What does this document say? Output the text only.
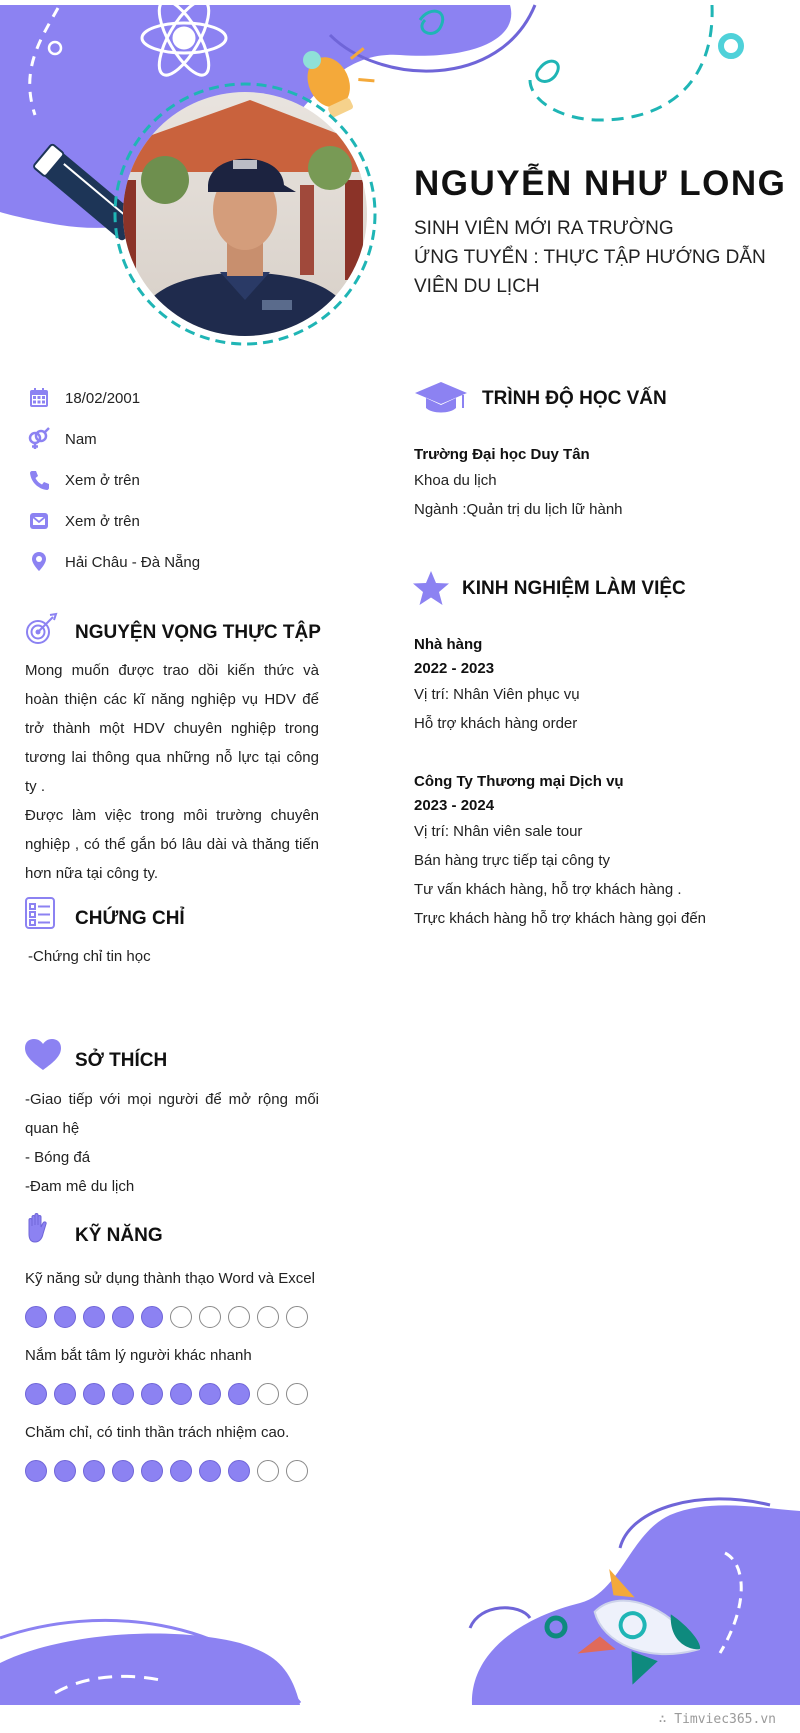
NGUYỄN NHƯ LONG
SINH VIÊN MỚI RA TRƯỜNG
ỨNG TUYỂN : THỰC TẬP HƯỚNG DẪN
VIÊN DU LỊCH
18/02/2001
Nam
Xem ở trên
Xem ở trên
Hải Châu - Đà Nẵng
NGUYỆN VỌNG THỰC TẬP
Mong muốn được trao dồi kiến thức và hoàn thiện các kĩ năng nghiệp vụ HDV để trở thành một HDV chuyên nghiệp trong tương lai thông qua những nỗ lực tại công ty .
Được làm việc trong môi trường chuyên nghiệp , có thể gắn bó lâu dài và thăng tiến hơn nữa tại công ty.
CHỨNG CHỈ
-Chứng chỉ tin học
SỞ THÍCH
-Giao tiếp với mọi người để mở rộng mối quan hệ
- Bóng đá
-Đam mê du lịch
KỸ NĂNG
Kỹ năng sử dụng thành thạo Word và Excel
Nắm bắt tâm lý người khác nhanh
Chăm chỉ, có tinh thần trách nhiệm cao.
TRÌNH ĐỘ HỌC VẤN
Trường Đại học Duy Tân
Khoa du lịch
Ngành :Quản trị du lịch lữ hành
KINH NGHIỆM LÀM VIỆC
Nhà hàng
2022 - 2023
Vị trí: Nhân Viên phục vụ
Hỗ trợ khách hàng order
Công Ty Thương mại Dịch vụ
2023 - 2024
Vị trí: Nhân viên sale tour
Bán hàng trực tiếp tại công ty
Tư vấn khách hàng, hỗ trợ khách hàng .
Trực khách hàng hỗ trợ khách hàng gọi đến
∴ Timviec365.vn
